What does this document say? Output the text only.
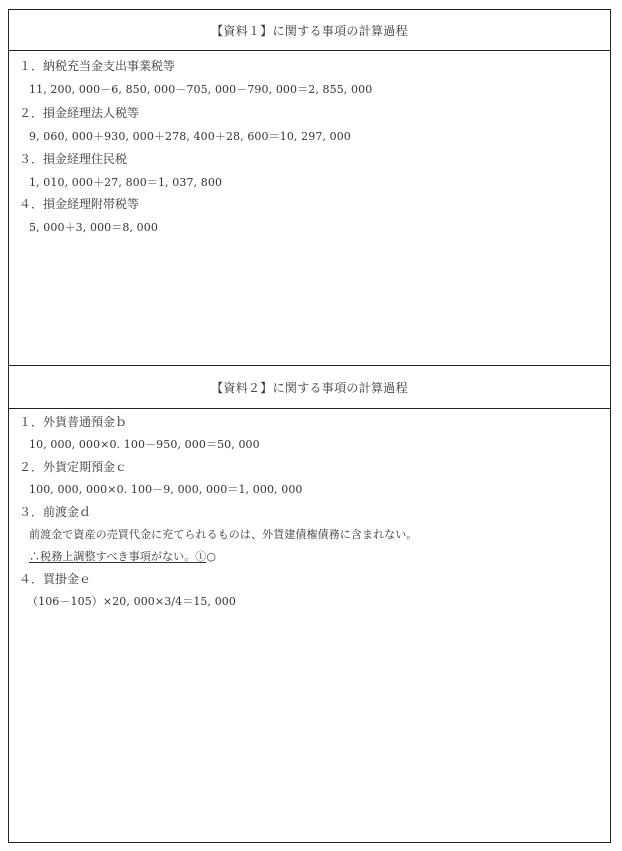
【資料１】に関する事項の計算過程
１．納税充当金支出事業税等
11, 200, 000－6, 850, 000－705, 000－790, 000＝2, 855, 000
２．損金経理法人税等
9, 060, 000＋930, 000＋278, 400＋28, 600＝10, 297, 000
３．損金経理住民税
1, 010, 000＋27, 800＝1, 037, 800
４．損金経理附帯税等
5, 000＋3, 000＝8, 000
【資料２】に関する事項の計算過程
１．外貨普通預金ｂ
10, 000, 000×0. 100－950, 000＝50, 000
２．外貨定期預金ｃ
100, 000, 000×0. 100－9, 000, 000＝1, 000, 000
３．前渡金ｄ
前渡金で資産の売買代金に充てられるものは、外貨建債権債務に含まれない。
∴税務上調整すべき事項がない。①○
４．買掛金ｅ
（106－105）×20, 000×3/4＝15, 000
